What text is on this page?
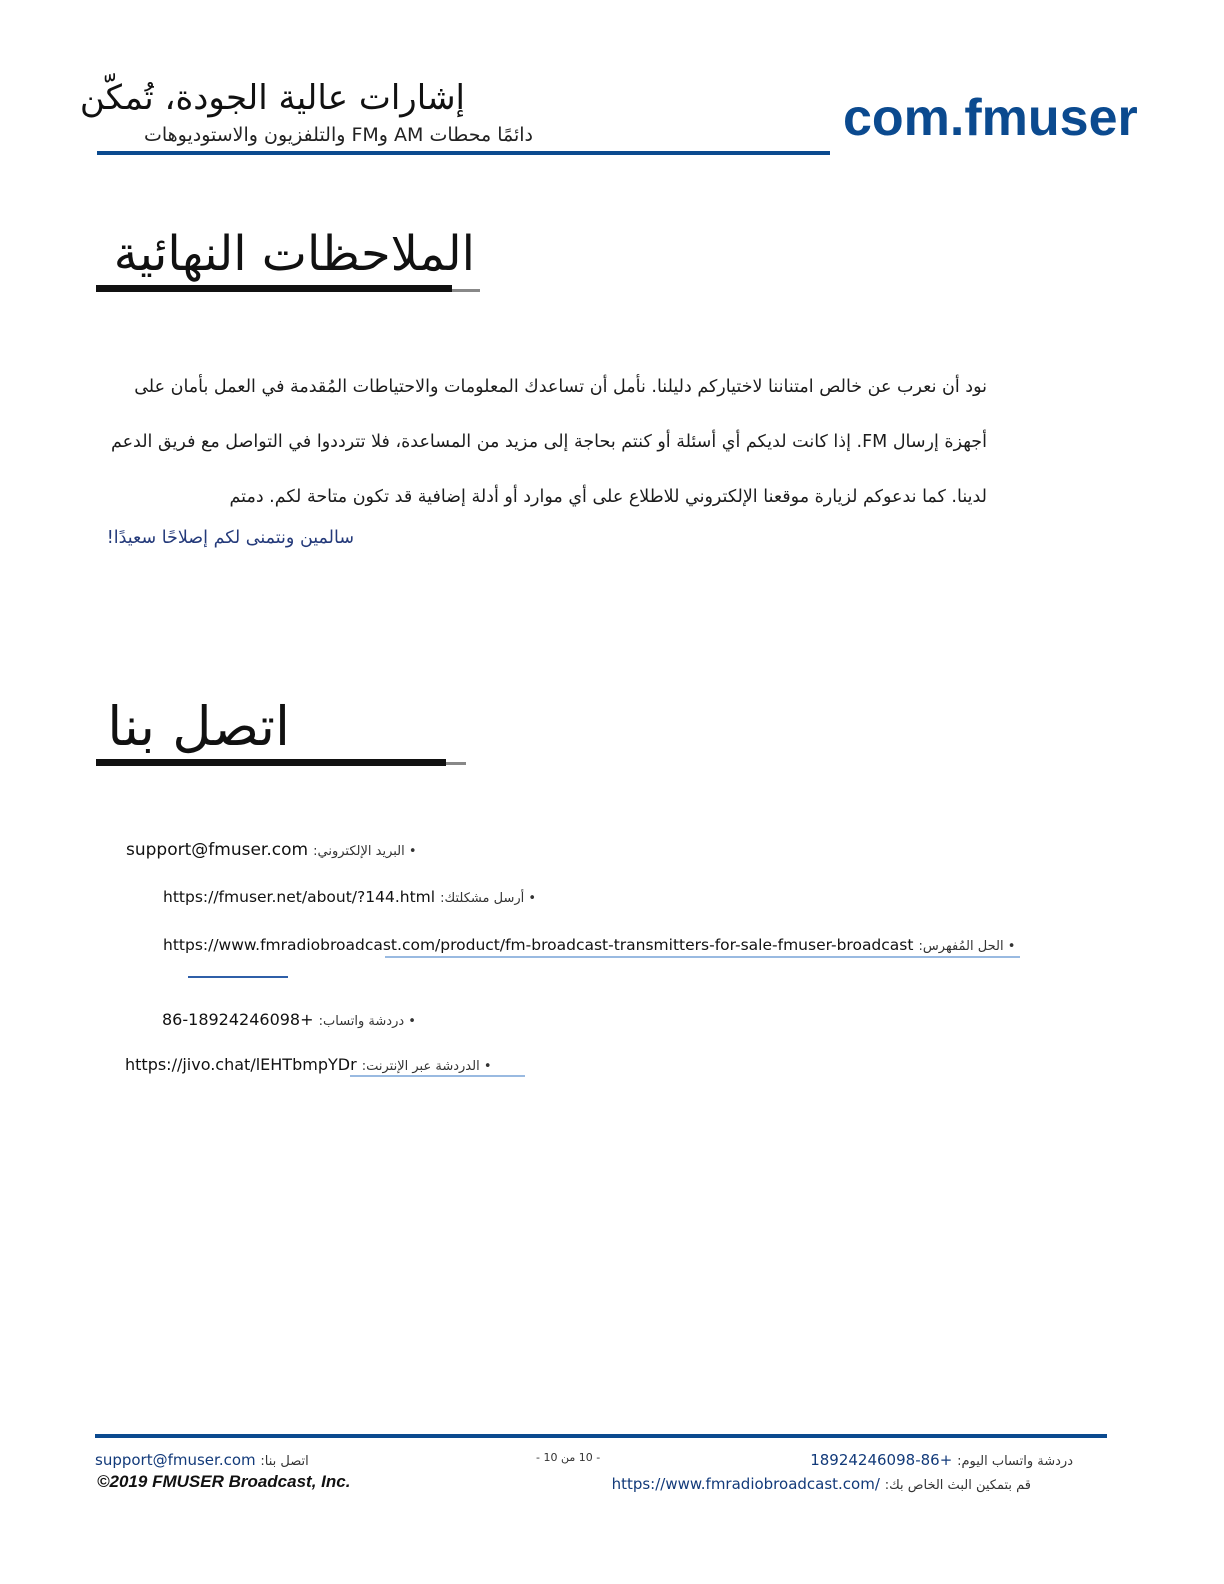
إشارات عالية الجودة، تُمكّن
دائمًا محطات AM وFM والتلفزيون والاستوديوهات	com.fmuser
الملاحظات النهائية
نود أن نعرب عن خالص امتناننا لاختياركم دليلنا. نأمل أن تساعدك المعلومات والاحتياطات المُقدمة في العمل بأمان على أجهزة إرسال FM. إذا كانت لديكم أي أسئلة أو كنتم بحاجة إلى مزيد من المساعدة، فلا تترددوا في التواصل مع فريق الدعم لدينا. كما ندعوكم لزيارة موقعنا الإلكتروني للاطلاع على أي موارد أو أدلة إضافية قد تكون متاحة لكم. دمتم
سالمين ونتمنى لكم إصلاحًا سعيدًا!
اتصل بنا
support@fmuser.com • البريد الإلكتروني:
https://fmuser.net/about/?144.html • أرسل مشكلتك:
https://www.fmradiobroadcast.com/product/fm-broadcast-transmitters-for-sale-fmuser-broadcast • الحل المُفهرس:
+86-18924246098 • دردشة واتساب:
https://jivo.chat/lEHTbmpYDr • الدردشة عبر الإنترنت:
support@fmuser.com اتصل بنا:
©2019 FMUSER Broadcast, Inc.
- 10 من 10 -	دردشة واتساب اليوم: +86-18924246098
قم بتمكين البث الخاص بك: https://www.fmradiobroadcast.com/
